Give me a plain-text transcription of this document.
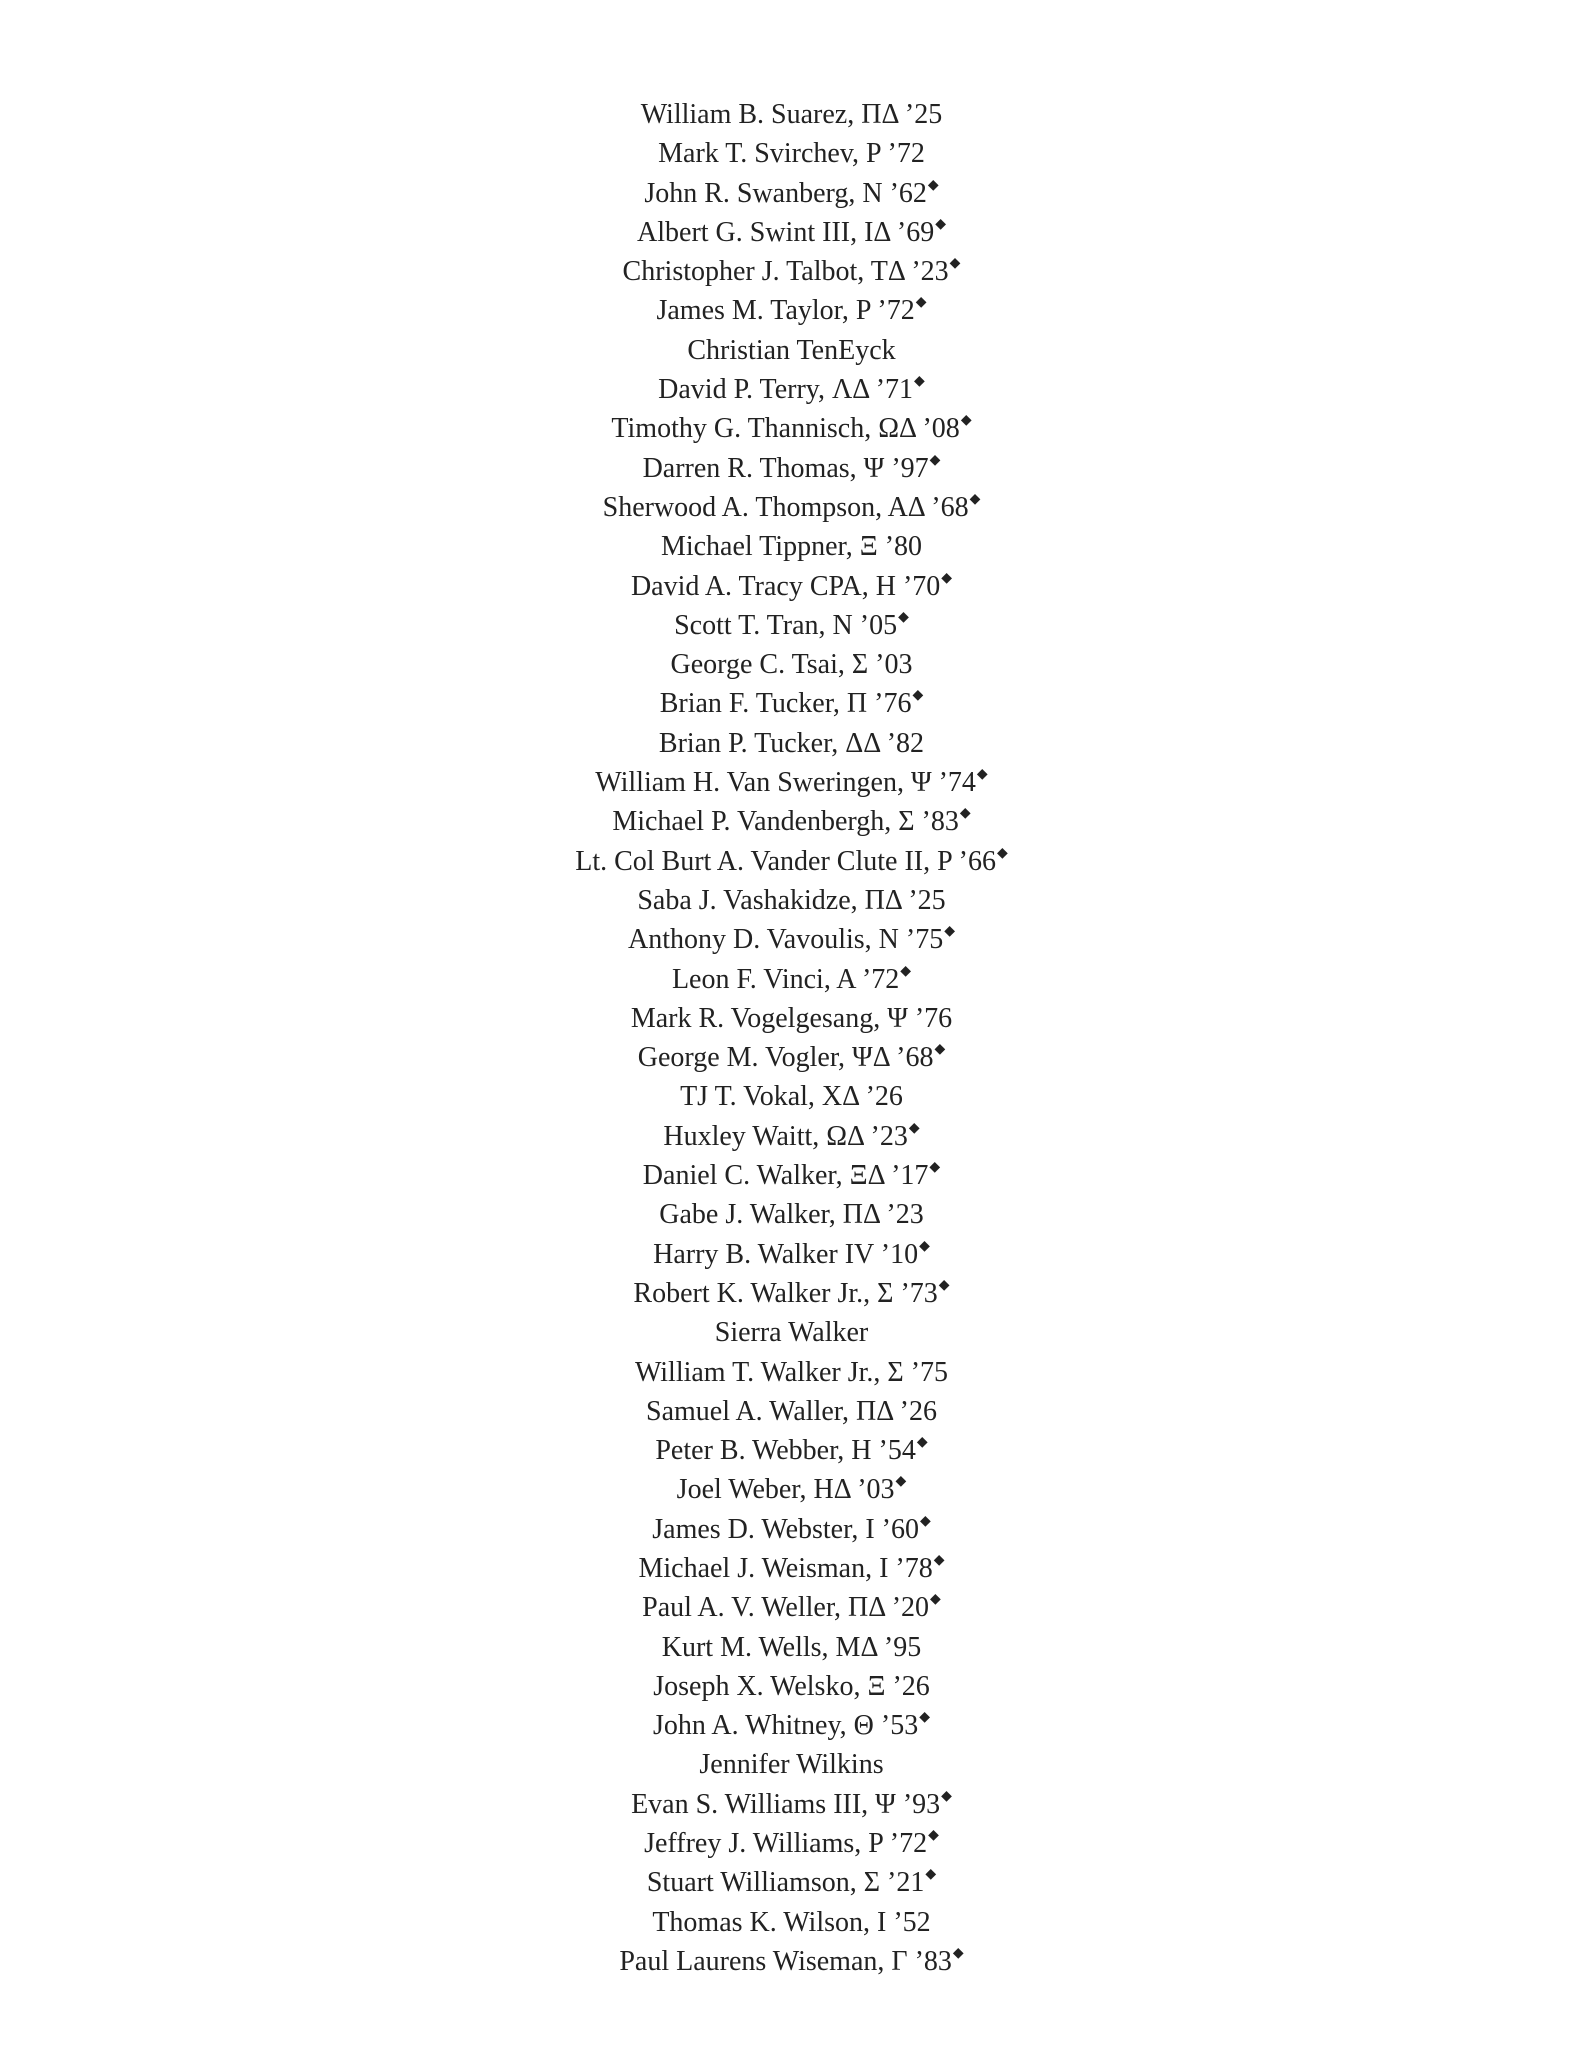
William B. Suarez, ΠΔ ’25
Mark T. Svirchev, P ’72
John R. Swanberg, N ’62◆
Albert G. Swint III, IΔ ’69◆
Christopher J. Talbot, TΔ ’23◆
James M. Taylor, P ’72◆
Christian TenEyck
David P. Terry, ΛΔ ’71◆
Timothy G. Thannisch, ΩΔ ’08◆
Darren R. Thomas, Ψ ’97◆
Sherwood A. Thompson, AΔ ’68◆
Michael Tippner, Ξ ’80
David A. Tracy CPA, H ’70◆
Scott T. Tran, N ’05◆
George C. Tsai, Σ ’03
Brian F. Tucker, Π ’76◆
Brian P. Tucker, ΔΔ ’82
William H. Van Sweringen, Ψ ’74◆
Michael P. Vandenbergh, Σ ’83◆
Lt. Col Burt A. Vander Clute II, P ’66◆
Saba J. Vashakidze, ΠΔ ’25
Anthony D. Vavoulis, N ’75◆
Leon F. Vinci, A ’72◆
Mark R. Vogelgesang, Ψ ’76
George M. Vogler, ΨΔ ’68◆
TJ T. Vokal, XΔ ’26
Huxley Waitt, ΩΔ ’23◆
Daniel C. Walker, ΞΔ ’17◆
Gabe J. Walker, ΠΔ ’23
Harry B. Walker IV ’10◆
Robert K. Walker Jr., Σ ’73◆
Sierra Walker
William T. Walker Jr., Σ ’75
Samuel A. Waller, ΠΔ ’26
Peter B. Webber, H ’54◆
Joel Weber, HΔ ’03◆
James D. Webster, I ’60◆
Michael J. Weisman, I ’78◆
Paul A. V. Weller, ΠΔ ’20◆
Kurt M. Wells, MΔ ’95
Joseph X. Welsko, Ξ ’26
John A. Whitney, Θ ’53◆
Jennifer Wilkins
Evan S. Williams III, Ψ ’93◆
Jeffrey J. Williams, P ’72◆
Stuart Williamson, Σ ’21◆
Thomas K. Wilson, I ’52
Paul Laurens Wiseman, Γ ’83◆
